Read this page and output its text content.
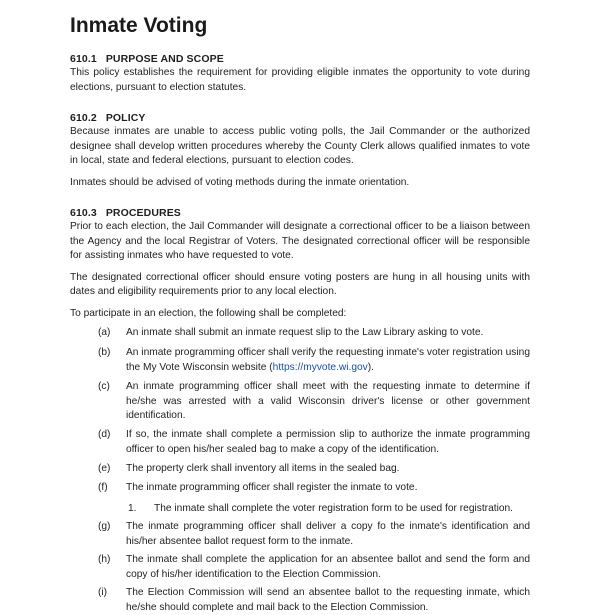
Inmate Voting
610.1 PURPOSE AND SCOPE

This policy establishes the requirement for providing eligible inmates the opportunity to vote during elections, pursuant to election statutes.

610.2 POLICY

Because inmates are unable to access public voting polls, the Jail Commander or the authorized designee shall develop written procedures whereby the County Clerk allows qualified inmates to vote in local, state and federal elections, pursuant to election codes.

Inmates should be advised of voting methods during the inmate orientation.

610.3 PROCEDURES

Prior to each election, the Jail Commander will designate a correctional officer to be a liaison between the Agency and the local Registrar of Voters. The designated correctional officer will be responsible for assisting inmates who have requested to vote.

The designated correctional officer should ensure voting posters are hung in all housing units with dates and eligibility requirements prior to any local election.

To participate in an election, the following shall be completed:

(a)	An inmate shall submit an inmate request slip to the Law Library asking to vote.
(b)	An inmate programming officer shall verify the requesting inmate's voter registration using the My Vote Wisconsin website (https://myvote.wi.gov).
(c)	An inmate programming officer shall meet with the requesting inmate to determine if he/she was arrested with a valid Wisconsin driver's license or other government identification.
(d)	If so, the inmate shall complete a permission slip to authorize the inmate programming officer to open his/her sealed bag to make a copy of the identification.
(e)	The property clerk shall inventory all items in the sealed bag.
(f)	The inmate programming officer shall register the inmate to vote.
(g)	The inmate programming officer shall deliver a copy fo the inmate's identification and his/her absentee ballot request form to the inmate.
(h)	The inmate shall complete the application for an absentee ballot and send the form and copy of his/her identification to the Election Commission.
(i)	The Election Commission will send an absentee ballot to the requesting inmate, which he/she should complete and mail back to the Election Commission.
1. The inmate shall complete the voter registration form to be used for registration.
